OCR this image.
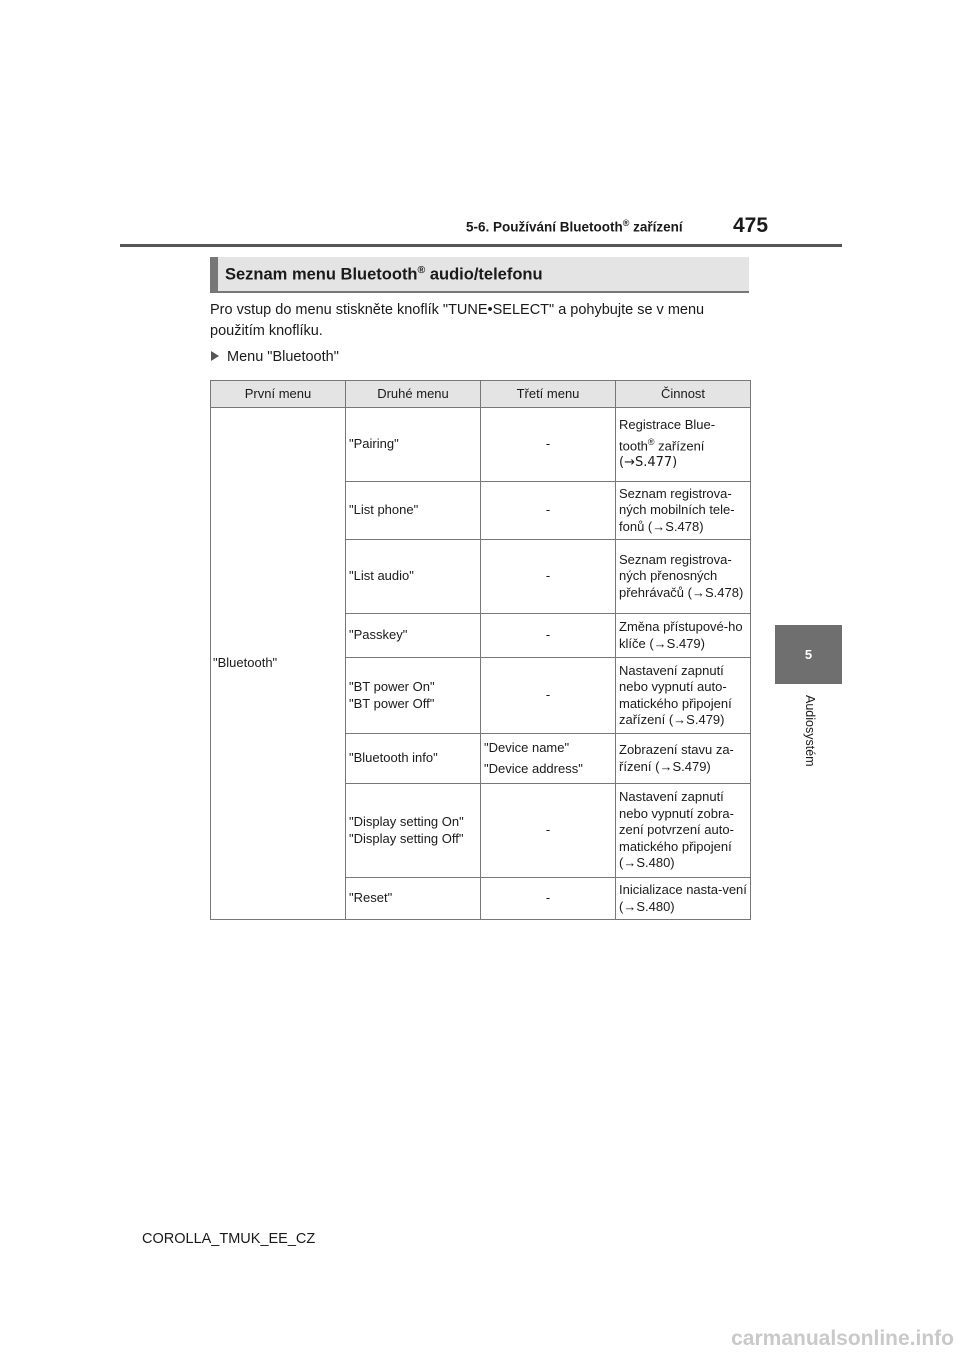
5-6. Používání Bluetooth® zařízení 475
5
Audiosystém
Seznam menu Bluetooth® audio/telefonu
Pro vstup do menu stiskněte knoflík "TUNE•SELECT" a pohybujte se v menu použitím knoflíku.
Menu "Bluetooth"
První menu	Druhé menu	Třetí menu	Činnost
"Bluetooth"	"Pairing"	-	Registrace Blue-
tooth® zařízení
(→S.477)
	"List phone"	-	Seznam registrova-ných mobilních tele-fonů (→S.478)
	"List audio"	-	Seznam registrova-ných přenosných přehrávačů (→S.478)
	"Passkey"	-	Změna přístupové-ho klíče (→S.479)
	"BT power On"
"BT power Off"	-	Nastavení zapnutí nebo vypnutí auto-matického připojení zařízení (→S.479)
	"Bluetooth info"	"Device name"
"Device address"	Zobrazení stavu za-řízení (→S.479)
	"Display setting On"
"Display setting Off"	-	Nastavení zapnutí nebo vypnutí zobra-zení potvrzení auto-matického připojení (→S.480)
	"Reset"	-	Inicializace nasta-vení (→S.480)
COROLLA_TMUK_EE_CZ
carmanualsonline.info
